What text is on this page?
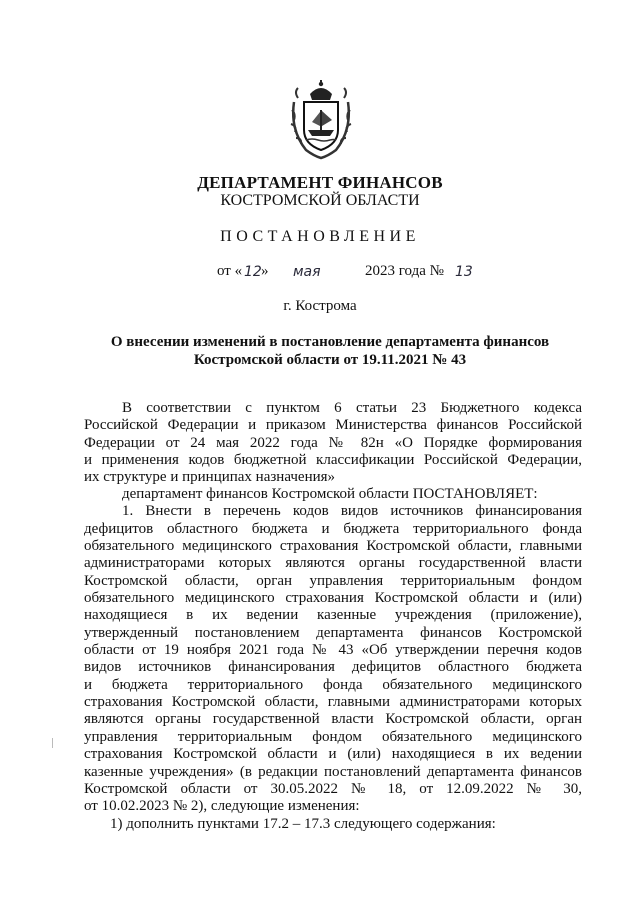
ДЕПАРТАМЕНТ ФИНАНСОВ
КОСТРОМСКОЙ ОБЛАСТИ
ПОСТАНОВЛЕНИЕ
от « 12 » мая	2023 года № 13
г. Кострома
О внесении изменений в постановление департамента финансов
Костромской области от 19.11.2021 № 43
В соответствии с пунктом 6 статьи 23 Бюджетного кодекса
Российской Федерации и приказом Министерства финансов Российской
Федерации от 24 мая 2022 года № 82н «О Порядке формирования
и применения кодов бюджетной классификации Российской Федерации,
их структуре и принципах назначения»
департамент финансов Костромской области ПОСТАНОВЛЯЕТ:
1. Внести в перечень кодов видов источников финансирования
дефицитов областного бюджета и бюджета территориального фонда
обязательного медицинского страхования Костромской области, главными
администраторами которых являются органы государственной власти
Костромской области, орган управления территориальным фондом
обязательного медицинского страхования Костромской области и (или)
находящиеся в их ведении казенные учреждения (приложение),
утвержденный постановлением департамента финансов Костромской
области от 19 ноября 2021 года № 43 «Об утверждении перечня кодов
видов источников финансирования дефицитов областного бюджета
и бюджета территориального фонда обязательного медицинского
страхования Костромской области, главными администраторами которых
являются органы государственной власти Костромской области, орган
управления территориальным фондом обязательного медицинского
страхования Костромской области и (или) находящиеся в их ведении
казенные учреждения» (в редакции постановлений департамента финансов
Костромской области от 30.05.2022 № 18, от 12.09.2022 № 30,
от 10.02.2023 № 2), следующие изменения:
1) дополнить пунктами 17.2 – 17.3 следующего содержания:
